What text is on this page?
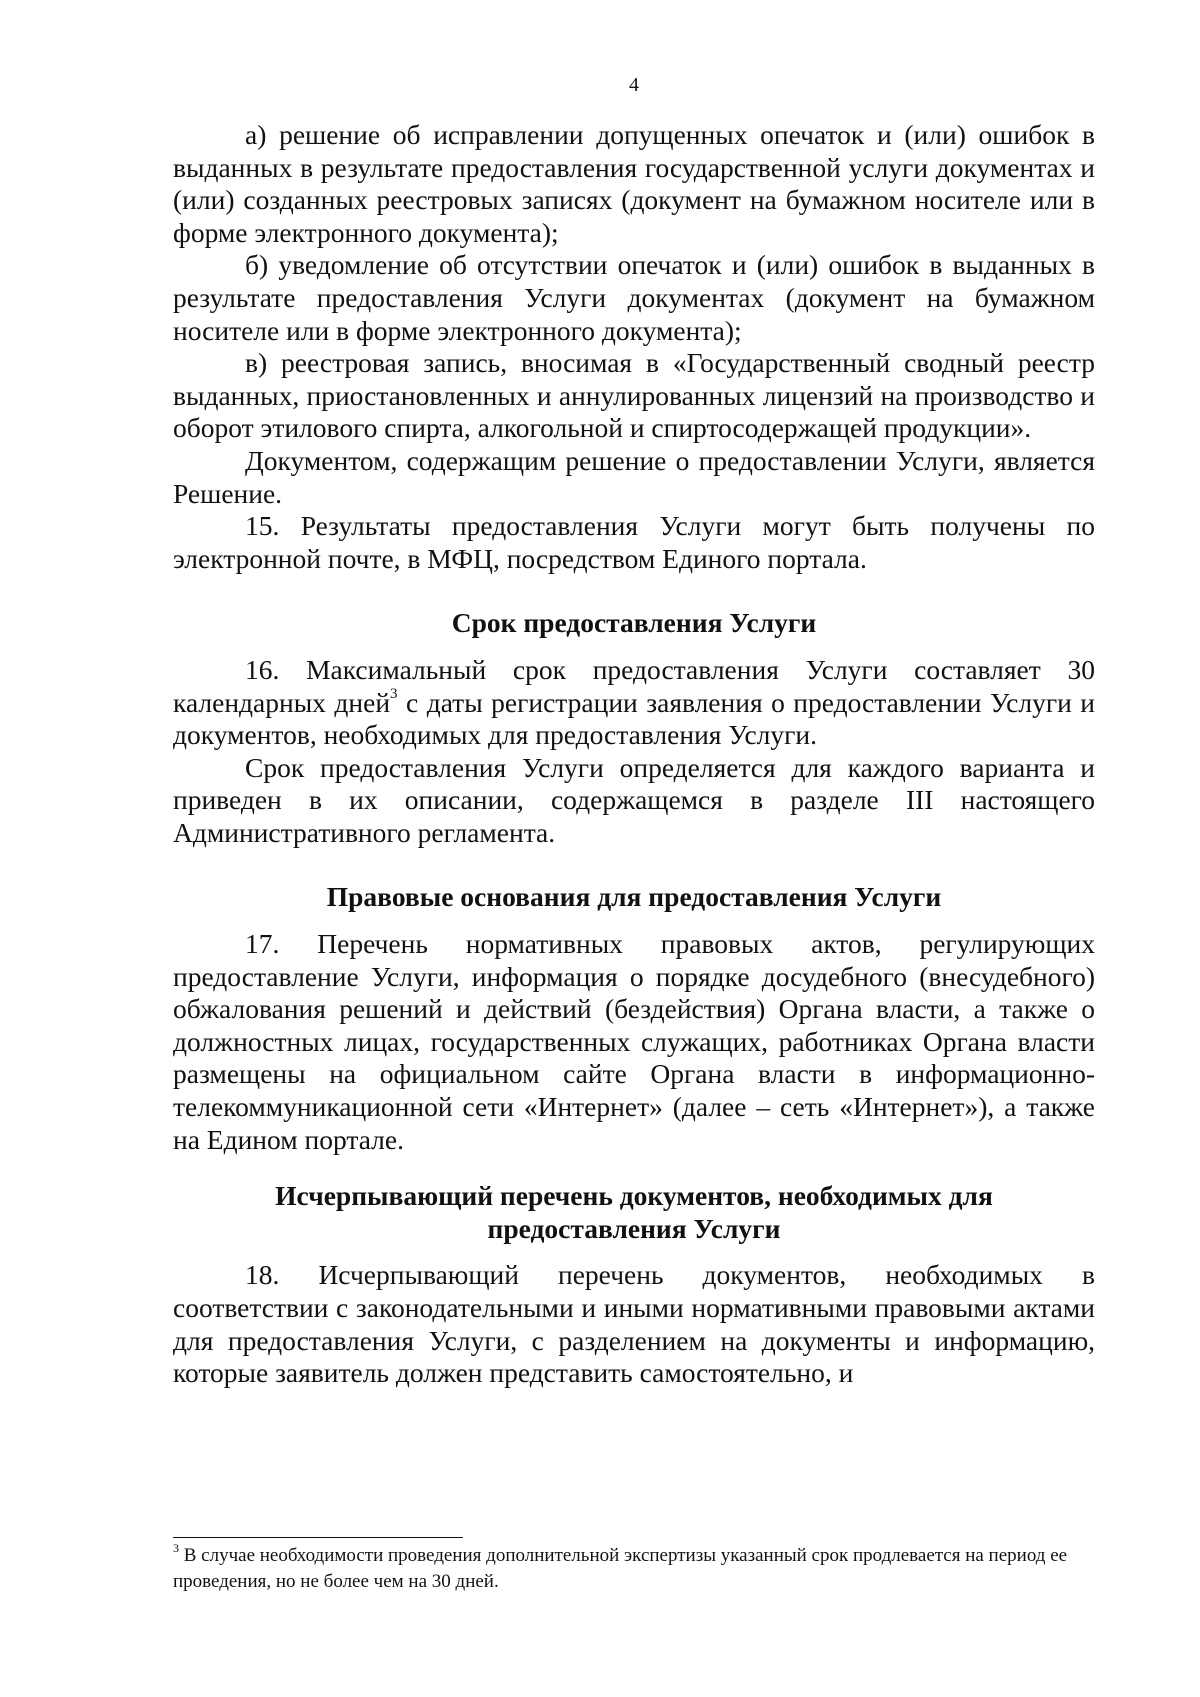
4

а) решение об исправлении допущенных опечаток и (или) ошибок в выданных в результате предоставления государственной услуги документах и (или) созданных реестровых записях (документ на бумажном носителе или в форме электронного документа);

б) уведомление об отсутствии опечаток и (или) ошибок в выданных в результате предоставления Услуги документах (документ на бумажном носителе или в форме электронного документа);

в) реестровая запись, вносимая в «Государственный сводный реестр выданных, приостановленных и аннулированных лицензий на производство и оборот этилового спирта, алкогольной и спиртосодержащей продукции».

Документом, содержащим решение о предоставлении Услуги, является Решение.

15. Результаты предоставления Услуги могут быть получены по электронной почте, в МФЦ, посредством Единого портала.

Срок предоставления Услуги

16. Максимальный срок предоставления Услуги составляет 30 календарных дней$^3$ с даты регистрации заявления о предоставлении Услуги и документов, необходимых для предоставления Услуги.

Срок предоставления Услуги определяется для каждого варианта и приведен в их описании, содержащемся в разделе III настоящего Административного регламента.

Правовые основания для предоставления Услуги

17. Перечень нормативных правовых актов, регулирующих предоставление Услуги, информация о порядке досудебного (внесудебного) обжалования решений и действий (бездействия) Органа власти, а также о должностных лицах, государственных служащих, работниках Органа власти размещены на официальном сайте Органа власти в информационно-телекоммуникационной сети «Интернет» (далее – сеть «Интернет»), а также на Едином портале.

Исчерпывающий перечень документов, необходимых для предоставления Услуги

18. Исчерпывающий перечень документов, необходимых в соответствии с законодательными и иными нормативными правовыми актами для предоставления Услуги, с разделением на документы и информацию, которые заявитель должен представить самостоятельно, и

$^3$ В случае необходимости проведения дополнительной экспертизы указанный срок продлевается на период ее проведения, но не более чем на 30 дней.
